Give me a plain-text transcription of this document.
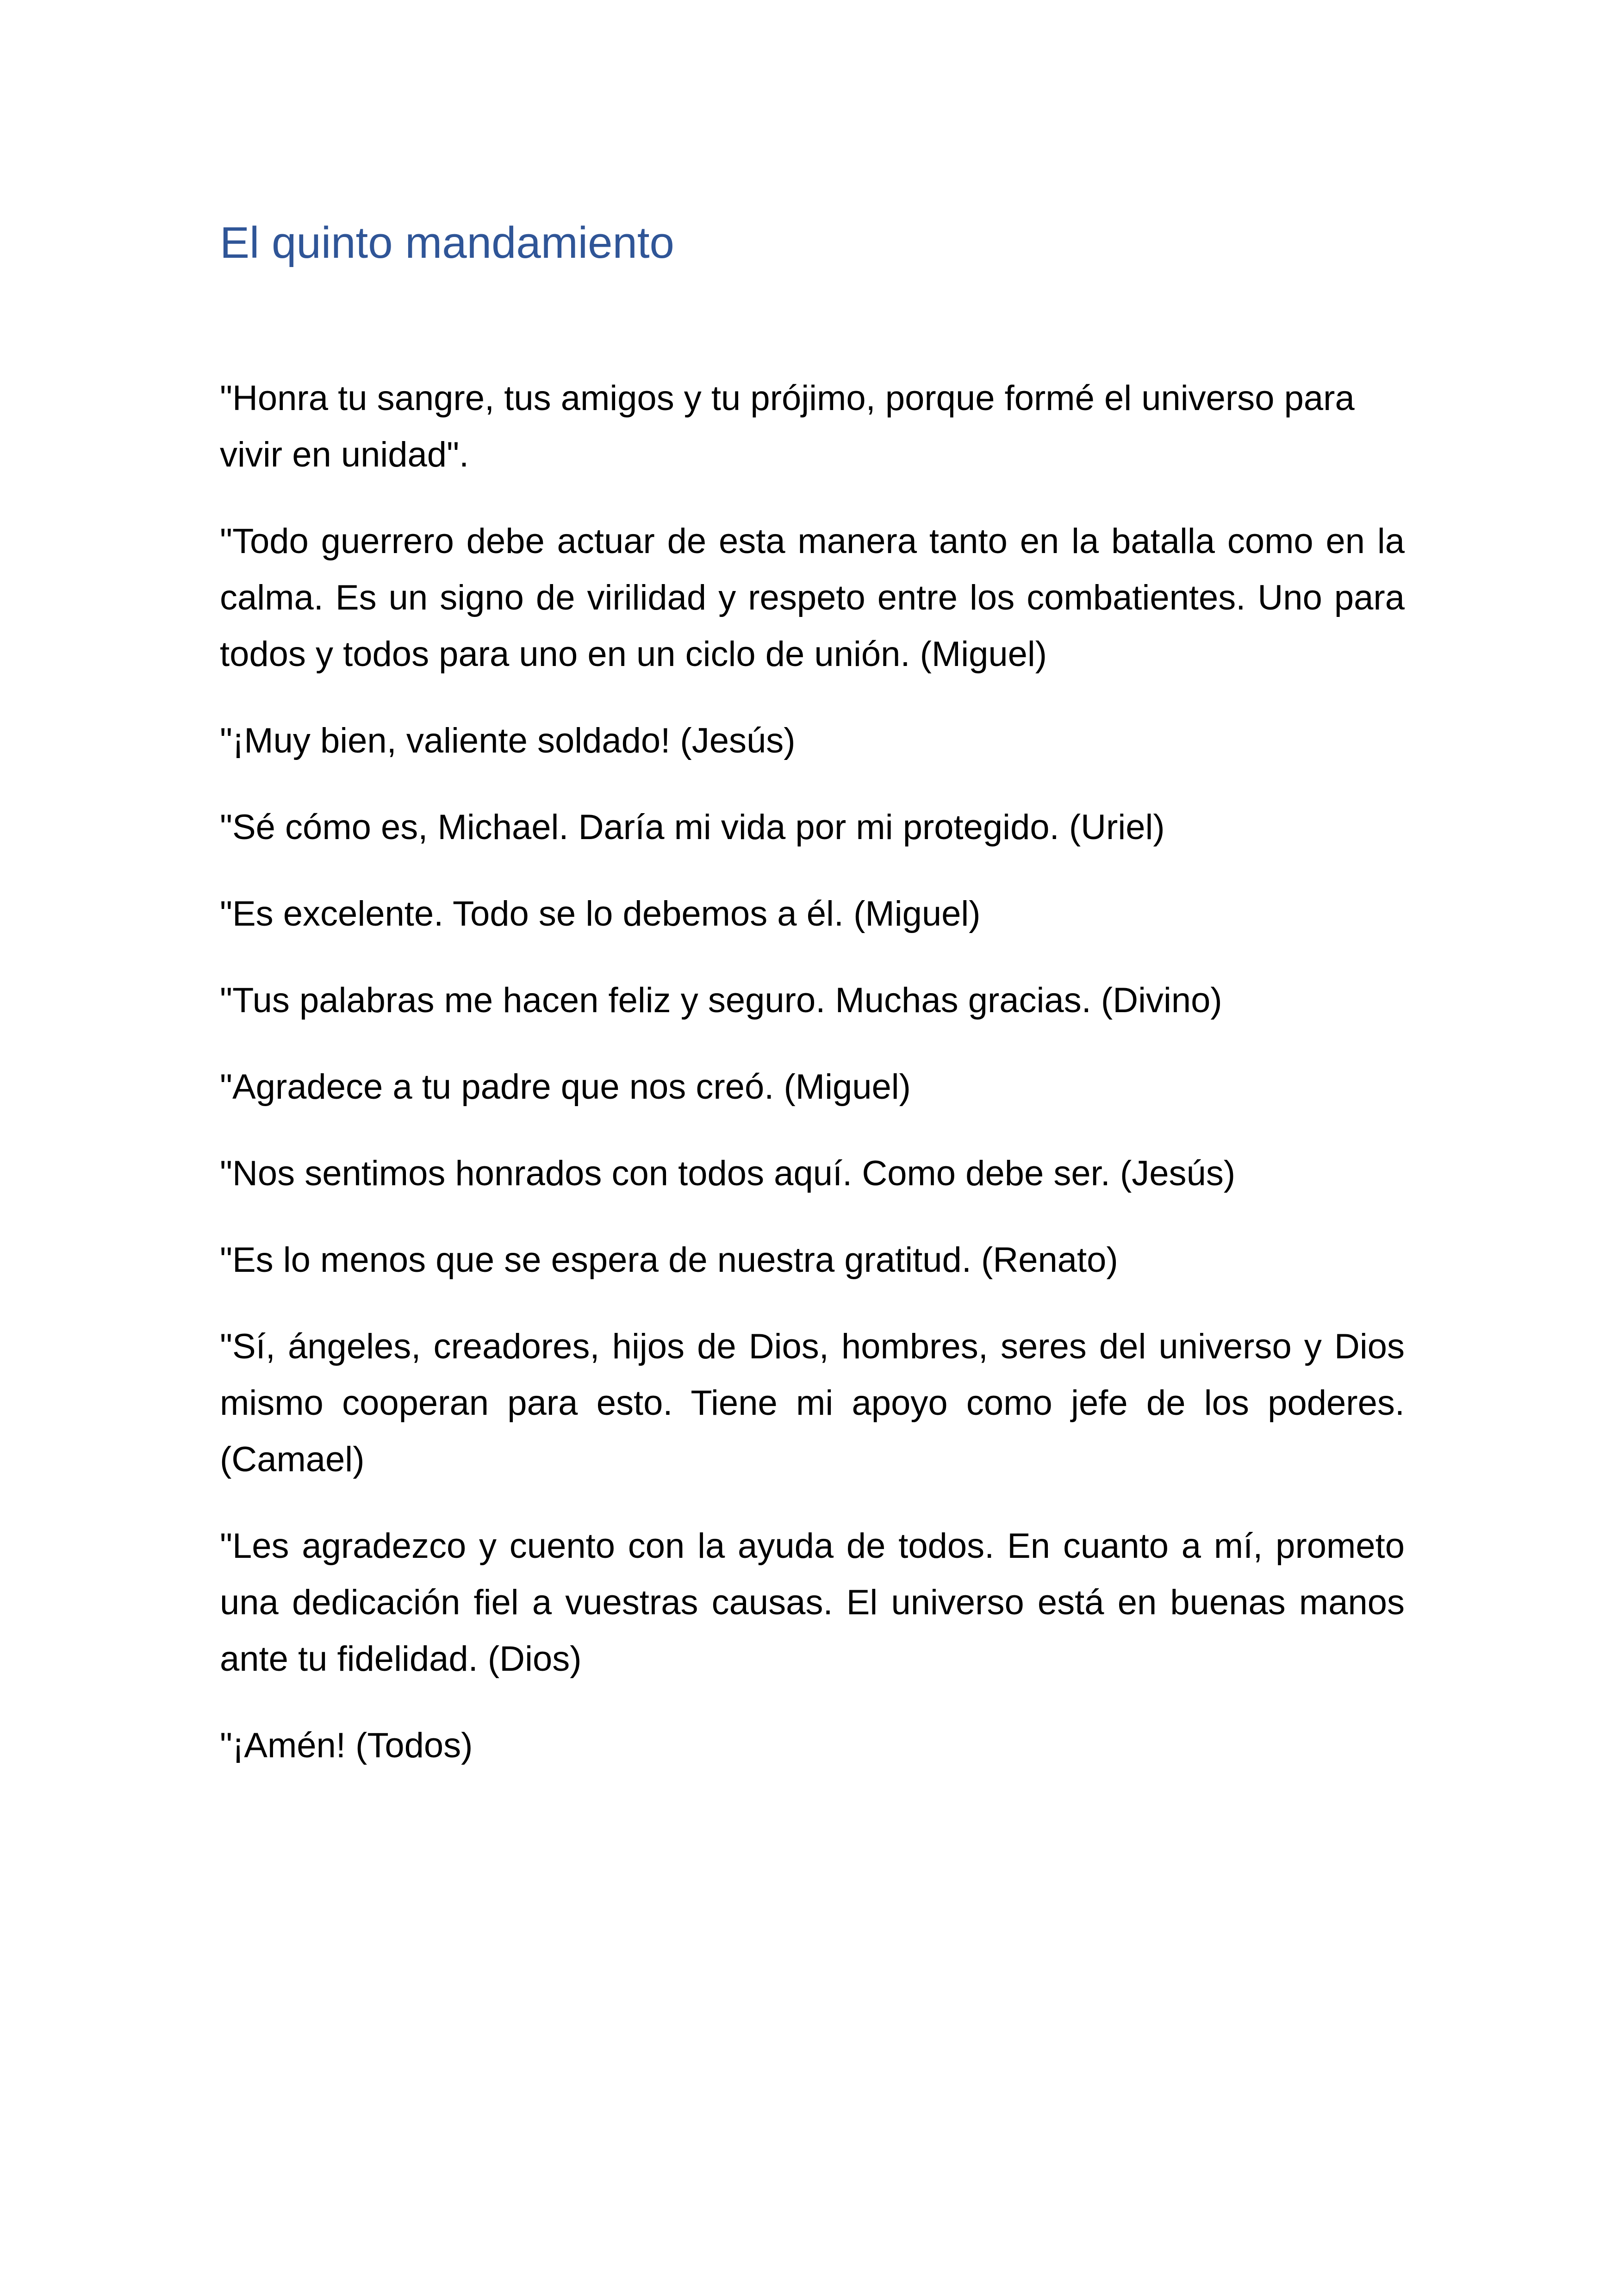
El quinto mandamiento

"Honra tu sangre, tus amigos y tu prójimo, porque formé el universo para vivir en unidad".

"Todo guerrero debe actuar de esta manera tanto en la batalla como en la calma. Es un signo de virilidad y respeto entre los combatientes. Uno para todos y todos para uno en un ciclo de unión. (Miguel)

"¡Muy bien, valiente soldado! (Jesús)

"Sé cómo es, Michael. Daría mi vida por mi protegido. (Uriel)

"Es excelente. Todo se lo debemos a él. (Miguel)

"Tus palabras me hacen feliz y seguro. Muchas gracias. (Divino)

"Agradece a tu padre que nos creó. (Miguel)

"Nos sentimos honrados con todos aquí. Como debe ser. (Jesús)

"Es lo menos que se espera de nuestra gratitud. (Renato)

"Sí, ángeles, creadores, hijos de Dios, hombres, seres del universo y Dios mismo cooperan para esto. Tiene mi apoyo como jefe de los poderes. (Camael)

"Les agradezco y cuento con la ayuda de todos. En cuanto a mí, prometo una dedicación fiel a vuestras causas. El universo está en buenas manos ante tu fidelidad. (Dios)

"¡Amén! (Todos)
